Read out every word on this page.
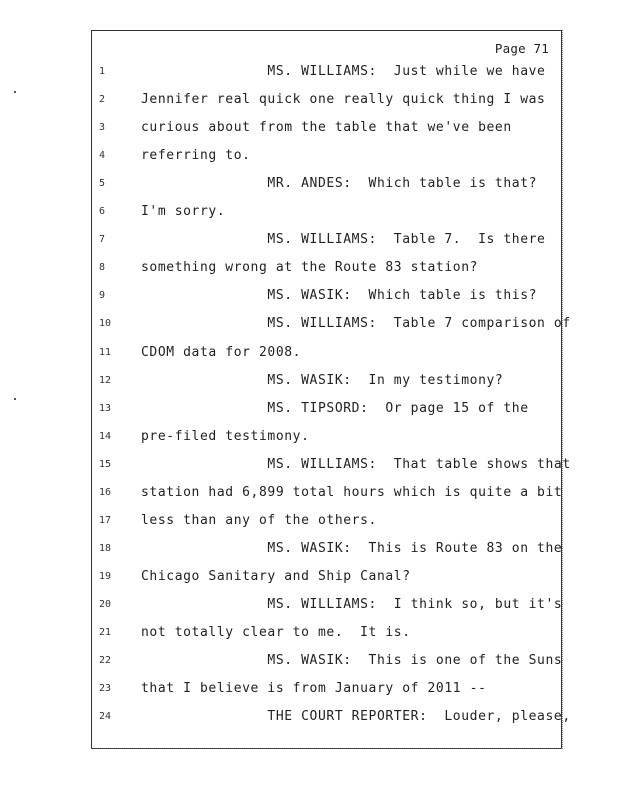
Page 71
1	MS. WILLIAMS:  Just while we have
2	Jennifer real quick one really quick thing I was
3	curious about from the table that we've been
4	referring to.
5	MR. ANDES:  Which table is that?
6	I'm sorry.
7	MS. WILLIAMS:  Table 7.  Is there
8	something wrong at the Route 83 station?
9	MS. WASIK:  Which table is this?
10	MS. WILLIAMS:  Table 7 comparison of
11	CDOM data for 2008.
12	MS. WASIK:  In my testimony?
13	MS. TIPSORD:  Or page 15 of the
14	pre-filed testimony.
15	MS. WILLIAMS:  That table shows that
16	station had 6,899 total hours which is quite a bit
17	less than any of the others.
18	MS. WASIK:  This is Route 83 on the
19	Chicago Sanitary and Ship Canal?
20	MS. WILLIAMS:  I think so, but it's
21	not totally clear to me.  It is.
22	MS. WASIK:  This is one of the Suns
23	that I believe is from January of 2011 --
24	THE COURT REPORTER:  Louder, please,
